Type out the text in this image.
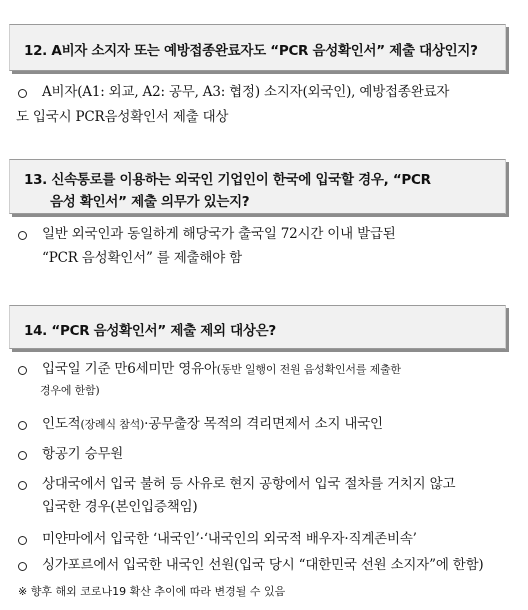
12. A비자 소지자 또는 예방접종완료자도 “PCR 음성확인서” 제출 대상인지?
A비자(A1: 외교, A2: 공무, A3: 협정) 소지자(외국인), 예방접종완료자
도 입국시 PCR음성확인서 제출 대상
13. 신속통로를 이용하는 외국인 기업인이 한국에 입국할 경우, “PCR
음성 확인서” 제출 의무가 있는지?
일반 외국인과 동일하게 해당국가 출국일 72시간 이내 발급된
“PCR 음성확인서” 를 제출해야 함
14. “PCR 음성확인서” 제출 제외 대상은?
입국일 기준 만6세미만 영유아(동반 일행이 전원 음성확인서를 제출한
경우에 한함)
인도적(장례식 참석)·공무출장 목적의 격리면제서 소지 내국인
항공기 승무원
상대국에서 입국 불허 등 사유로 현지 공항에서 입국 절차를 거치지 않고
입국한 경우(본인입증책임)
미얀마에서 입국한 ‘내국인’·‘내국인의 외국적 배우자·직계존비속’
싱가포르에서 입국한 내국인 선원(입국 당시 “대한민국 선원 소지자”에 한함)
※ 향후 해외 코로나19 확산 추이에 따라 변경될 수 있음
